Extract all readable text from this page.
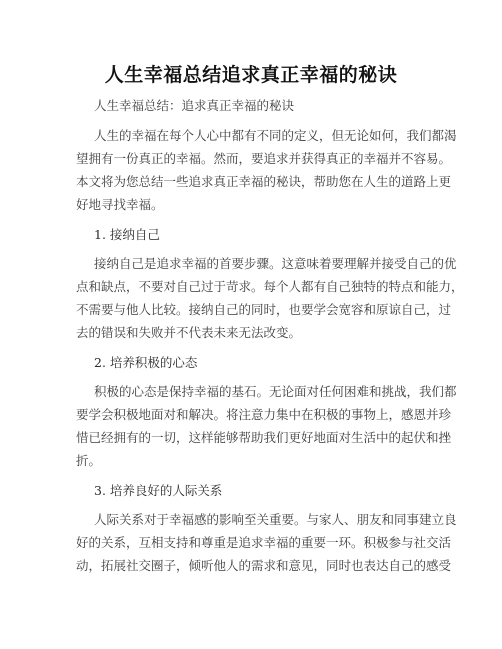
人生幸福总结追求真正幸福的秘诀
人生幸福总结：追求真正幸福的秘诀
人生的幸福在每个人心中都有不同的定义，但无论如何，我们都渴
望拥有一份真正的幸福。然而，要追求并获得真正的幸福并不容易。
本文将为您总结一些追求真正幸福的秘诀，帮助您在人生的道路上更
好地寻找幸福。
1. 接纳自己
接纳自己是追求幸福的首要步骤。这意味着要理解并接受自己的优
点和缺点，不要对自己过于苛求。每个人都有自己独特的特点和能力，
不需要与他人比较。接纳自己的同时，也要学会宽容和原谅自己，过
去的错误和失败并不代表未来无法改变。
2. 培养积极的心态
积极的心态是保持幸福的基石。无论面对任何困难和挑战，我们都
要学会积极地面对和解决。将注意力集中在积极的事物上，感恩并珍
惜已经拥有的一切，这样能够帮助我们更好地面对生活中的起伏和挫
折。
3. 培养良好的人际关系
人际关系对于幸福感的影响至关重要。与家人、朋友和同事建立良
好的关系，互相支持和尊重是追求幸福的重要一环。积极参与社交活
动，拓展社交圈子，倾听他人的需求和意见，同时也表达自己的感受
